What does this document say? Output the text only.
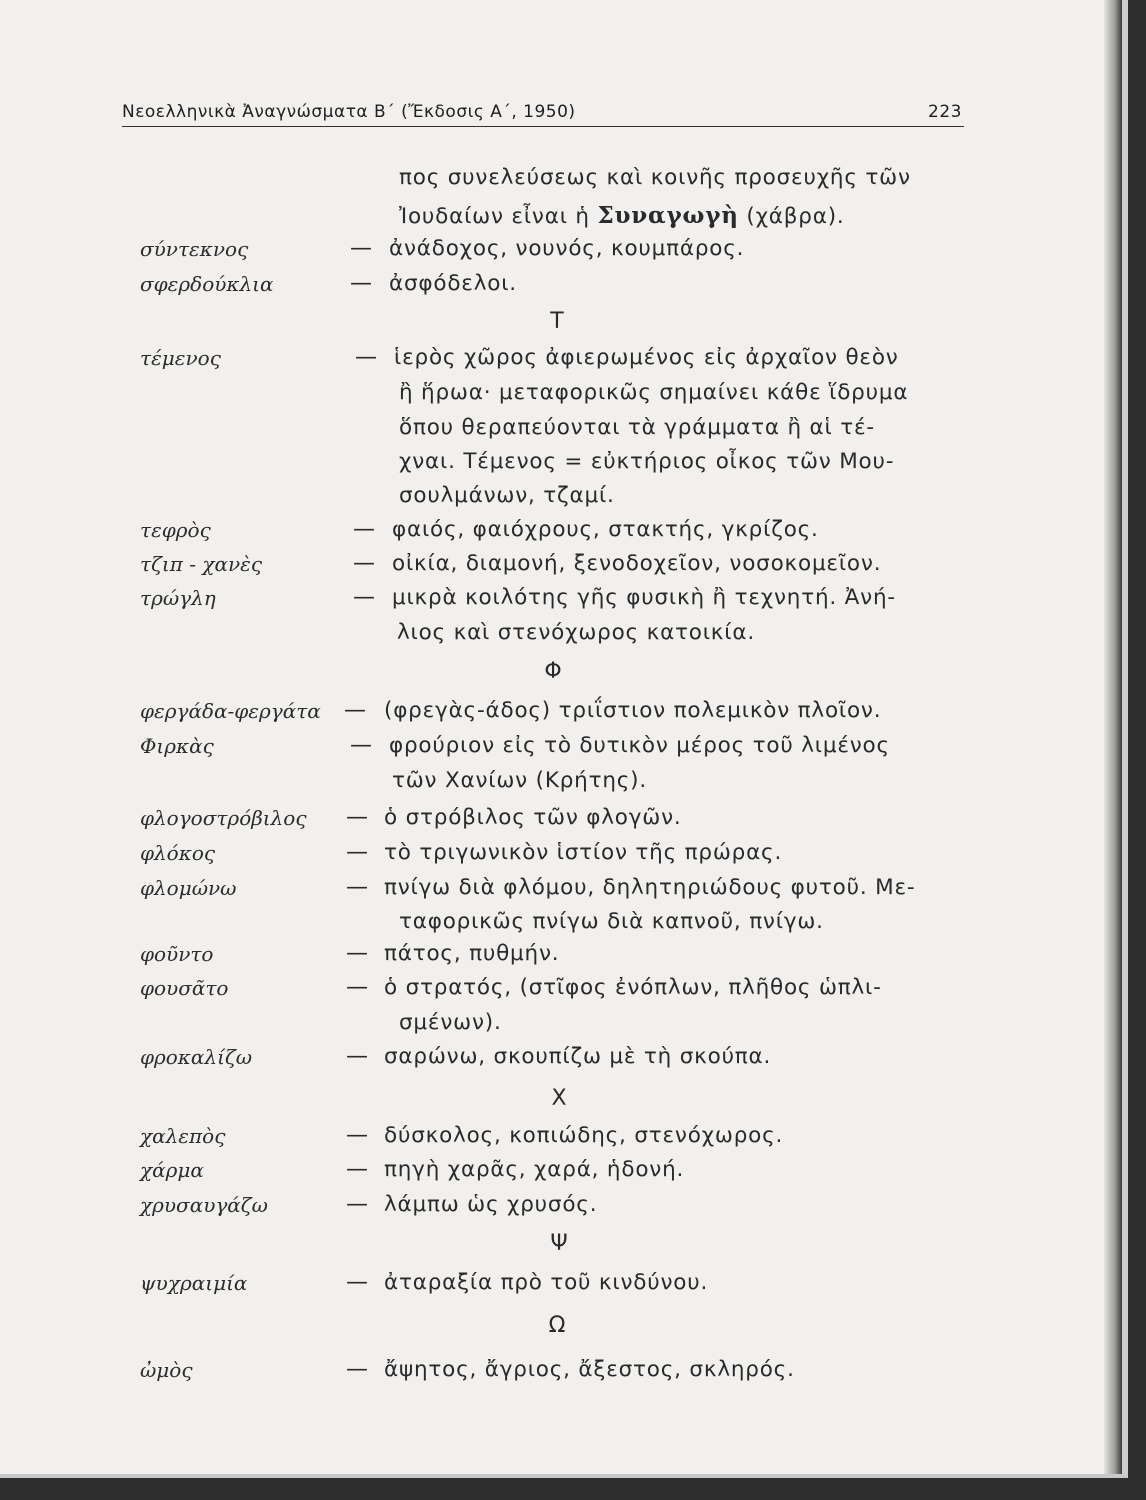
Νεοελληνικὰ Ἀναγνώσματα Β΄ (Ἔκδοσις Α΄, 1950)	223
πος συνελεύσεως καὶ κοινῆς προσευχῆς τῶν
Ἰουδαίων εἶναι ἡ Συναγωγὴ (χάβρα).
σύντεκνος	— ἀνάδοχος, νουνός, κουμπάρος.
σφερδούκλια	— ἀσφόδελοι.
Τ
τέμενος	— ἱερὸς χῶρος ἀφιερωμένος εἰς ἀρχαῖον θεὸν
ἢ ἥρωα· μεταφορικῶς σημαίνει κάθε ἵδρυμα
ὅπου θεραπεύονται τὰ γράμματα ἢ αἱ τέ-
χναι. Τέμενος = εὐκτήριος οἶκος τῶν Μου-
σουλμάνων, τζαμί.
τεφρὸς	— φαιός, φαιόχρους, στακτής, γκρίζος.
τζιπ - χανὲς	— οἰκία, διαμονή, ξενοδοχεῖον, νοσοκομεῖον.
τρώγλη	— μικρὰ κοιλότης γῆς φυσικὴ ἢ τεχνητή. Ἀνή-
λιος καὶ στενόχωρος κατοικία.
Φ
φεργάδα-φεργάτα — (φρεγὰς-άδος) τριΐστιον πολεμικὸν πλοῖον.
Φιρκὰς	— φρούριον εἰς τὸ δυτικὸν μέρος τοῦ λιμένος
τῶν Χανίων (Κρήτης).
φλογοστρόβιλος — ὁ στρόβιλος τῶν φλογῶν.
φλόκος	— τὸ τριγωνικὸν ἱστίον τῆς πρώρας.
φλομώνω	— πνίγω διὰ φλόμου, δηλητηριώδους φυτοῦ. Με-
ταφορικῶς πνίγω διὰ καπνοῦ, πνίγω.
φοῦντο	— πάτος, πυθμήν.
φουσᾶτο	— ὁ στρατός, (στῖφος ἐνόπλων, πλῆθος ὡπλι-
σμένων).
φροκαλίζω	— σαρώνω, σκουπίζω μὲ τὴ σκούπα.
Χ
χαλεπὸς	— δύσκολος, κοπιώδης, στενόχωρος.
χάρμα	— πηγὴ χαρᾶς, χαρά, ἡδονή.
χρυσαυγάζω	— λάμπω ὡς χρυσός.
Ψ
ψυχραιμία	— ἀταραξία πρὸ τοῦ κινδύνου.
Ω
ὠμὸς	— ἄψητος, ἄγριος, ἄξεστος, σκληρός.
